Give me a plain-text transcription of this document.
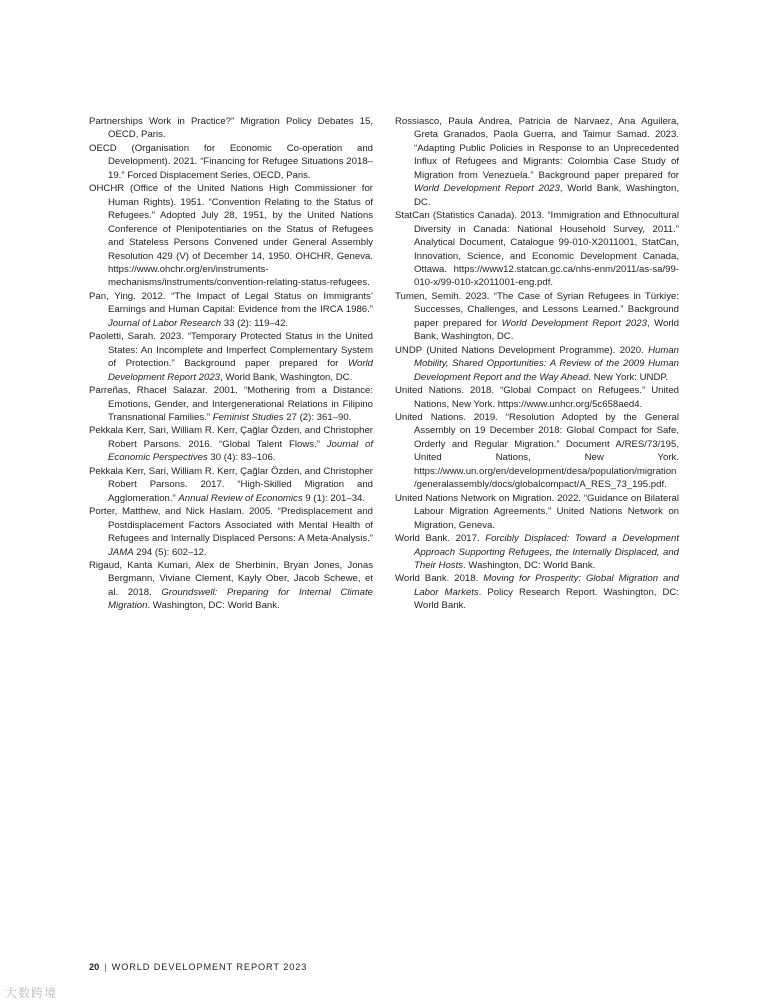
Partnerships Work in Practice?” Migration Policy Debates 15, OECD, Paris.

OECD (Organisation for Economic Co-operation and Development). 2021. “Financing for Refugee Situations 2018–19.” Forced Displacement Series, OECD, Paris.

OHCHR (Office of the United Nations High Commissioner for Human Rights). 1951. “Convention Relating to the Status of Refugees.” Adopted July 28, 1951, by the United Nations Conference of Plenipotentiaries on the Status of Refugees and Stateless Persons Convened under General Assembly Resolution 429 (V) of December 14, 1950. OHCHR, Geneva. https://www.ohchr.org/en/instruments-mechanisms/instruments/convention-relating-status-refugees.

Pan, Ying. 2012. “The Impact of Legal Status on Immigrants’ Earnings and Human Capital: Evidence from the IRCA 1986.” Journal of Labor Research 33 (2): 119–42.

Paoletti, Sarah. 2023. “Temporary Protected Status in the United States: An Incomplete and Imperfect Complementary System of Protection.” Background paper prepared for World Development Report 2023, World Bank, Washington, DC.

Parreñas, Rhacel Salazar. 2001. “Mothering from a Distance: Emotions, Gender, and Intergenerational Relations in Filipino Transnational Families.” Feminist Studies 27 (2): 361–90.

Pekkala Kerr, Sari, William R. Kerr, Çağlar Özden, and Christopher Robert Parsons. 2016. “Global Talent Flows.” Journal of Economic Perspectives 30 (4): 83–106.

Pekkala Kerr, Sari, William R. Kerr, Çağlar Özden, and Christopher Robert Parsons. 2017. “High-Skilled Migration and Agglomeration.” Annual Review of Economics 9 (1): 201–34.

Porter, Matthew, and Nick Haslam. 2005. “Predisplacement and Postdisplacement Factors Associated with Mental Health of Refugees and Internally Displaced Persons: A Meta-Analysis.” JAMA 294 (5): 602–12.

Rigaud, Kanta Kumari, Alex de Sherbinin, Bryan Jones, Jonas Bergmann, Viviane Clement, Kayly Ober, Jacob Schewe, et al. 2018. Groundswell: Preparing for Internal Climate Migration. Washington, DC: World Bank.

Rossiasco, Paula Andrea, Patricia de Narvaez, Ana Aguilera, Greta Granados, Paola Guerra, and Taimur Samad. 2023. “Adapting Public Policies in Response to an Unprecedented Influx of Refugees and Migrants: Colombia Case Study of Migration from Venezuela.” Background paper prepared for World Development Report 2023, World Bank, Washington, DC.

StatCan (Statistics Canada). 2013. “Immigration and Ethnocultural Diversity in Canada: National Household Survey, 2011.” Analytical Document, Catalogue 99-010-X2011001, StatCan, Innovation, Science, and Economic Development Canada, Ottawa. https://www12.statcan.gc.ca/nhs-enm/2011/as-sa/99-010-x/99-010-x2011001-eng.pdf.

Tumen, Semih. 2023. “The Case of Syrian Refugees in Türkiye: Successes, Challenges, and Lessons Learned.” Background paper prepared for World Development Report 2023, World Bank, Washington, DC.

UNDP (United Nations Development Programme). 2020. Human Mobility, Shared Opportunities: A Review of the 2009 Human Development Report and the Way Ahead. New York: UNDP.

United Nations. 2018. “Global Compact on Refugees.” United Nations, New York. https://www.unhcr.org/5c658aed4.

United Nations. 2019. “Resolution Adopted by the General Assembly on 19 December 2018: Global Compact for Safe, Orderly and Regular Migration.” Document A/RES/73/195, United Nations, New York. https://www.un.org/en/development/desa/population/migration/generalassembly/docs/globalcompact/A_RES_73_195.pdf.

United Nations Network on Migration. 2022. “Guidance on Bilateral Labour Migration Agreements.” United Nations Network on Migration, Geneva.

World Bank. 2017. Forcibly Displaced: Toward a Development Approach Supporting Refugees, the Internally Displaced, and Their Hosts. Washington, DC: World Bank.

World Bank. 2018. Moving for Prosperity: Global Migration and Labor Markets. Policy Research Report. Washington, DC: World Bank.

20 | WORLD DEVELOPMENT REPORT 2023
大数跨境
